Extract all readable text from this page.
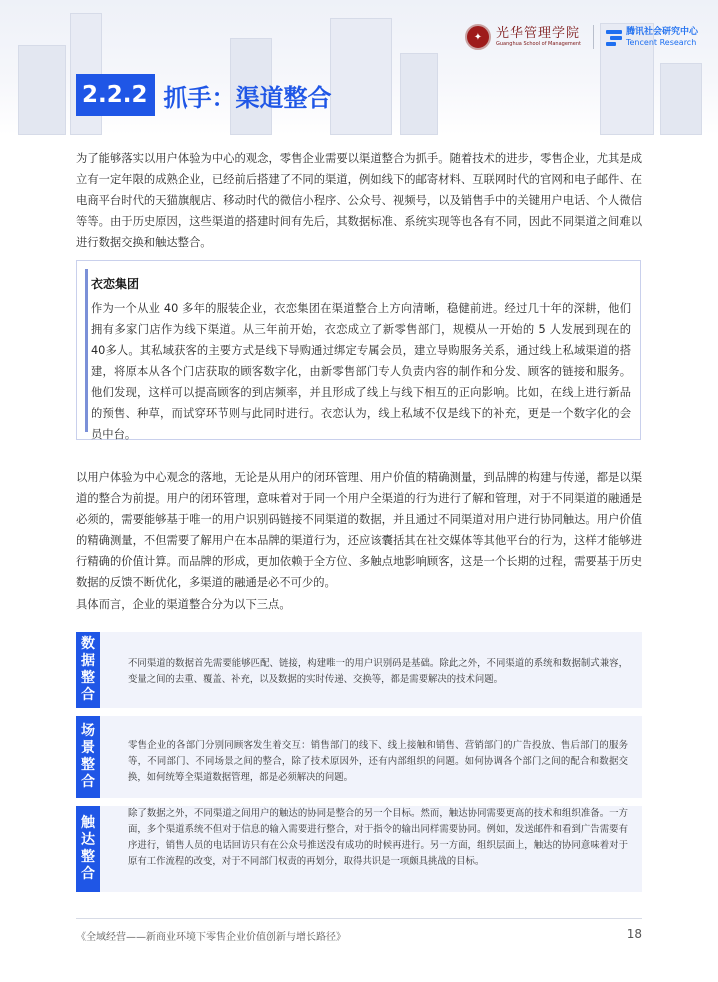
✦	光华管理学院
Guanghua School of Management
腾讯社会研究中心
Tencent Research
2.2.2 抓手：渠道整合

为了能够落实以用户体验为中心的观念，零售企业需要以渠道整合为抓手。随着技术的进步，零售企业，尤其是成立有一定年限的成熟企业，已经前后搭建了不同的渠道，例如线下的邮寄材料、互联网时代的官网和电子邮件、在电商平台时代的天猫旗舰店、移动时代的微信小程序、公众号、视频号，以及销售手中的关键用户电话、个人微信等等。由于历史原因，这些渠道的搭建时间有先后，其数据标准、系统实现等也各有不同，因此不同渠道之间难以进行数据交换和触达整合。

衣恋集团

作为一个从业 40 多年的服装企业，衣恋集团在渠道整合上方向清晰，稳健前进。经过几十年的深耕，他们拥有多家门店作为线下渠道。从三年前开始，衣恋成立了新零售部门，规模从一开始的 5 人发展到现在的 40多人。其私域获客的主要方式是线下导购通过绑定专属会员，建立导购服务关系，通过线上私域渠道的搭建，将原本从各个门店获取的顾客数字化，由新零售部门专人负责内容的制作和分发、顾客的链接和服务。他们发现，这样可以提高顾客的到店频率，并且形成了线上与线下相互的正向影响。比如，在线上进行新品的预售、种草，而试穿环节则与此同时进行。衣恋认为，线上私域不仅是线下的补充，更是一个数字化的会员中台。

以用户体验为中心观念的落地，无论是从用户的闭环管理、用户价值的精确测量，到品牌的构建与传递，都是以渠道的整合为前提。用户的闭环管理，意味着对于同一个用户全渠道的行为进行了解和管理，对于不同渠道的融通是必须的，需要能够基于唯一的用户识别码链接不同渠道的数据，并且通过不同渠道对用户进行协同触达。用户价值的精确测量，不但需要了解用户在本品牌的渠道行为，还应该囊括其在社交媒体等其他平台的行为，这样才能够进行精确的价值计算。而品牌的形成，更加依赖于全方位、多触点地影响顾客，这是一个长期的过程，需要基于历史数据的反馈不断优化，多渠道的融通是必不可少的。

具体而言，企业的渠道整合分为以下三点。

数
据
整
合

不同渠道的数据首先需要能够匹配、链接，构建唯一的用户识别码是基础。除此之外，不同渠道的系统和数据制式兼容，变量之间的去重、覆盖、补充，以及数据的实时传递、交换等，都是需要解决的技术问题。

场
景
整
合

零售企业的各部门分别同顾客发生着交互：销售部门的线下、线上接触和销售、营销部门的广告投放、售后部门的服务等，不同部门、不同场景之间的整合，除了技术原因外，还有内部组织的问题。如何协调各个部门之间的配合和数据交换，如何统筹全渠道数据管理，都是必须解决的问题。

触
达
整
合

除了数据之外，不同渠道之间用户的触达的协同是整合的另一个目标。然而，触达协同需要更高的技术和组织准备。一方面，多个渠道系统不但对于信息的输入需要进行整合，对于指令的输出同样需要协同。例如，发送邮件和看到广告需要有序进行，销售人员的电话回访只有在公众号推送没有成功的时候再进行。另一方面，组织层面上，触达的协同意味着对于原有工作流程的改变，对于不同部门权责的再划分，取得共识是一项颇具挑战的目标。

《全域经营——新商业环境下零售企业价值创新与增长路径》	18
